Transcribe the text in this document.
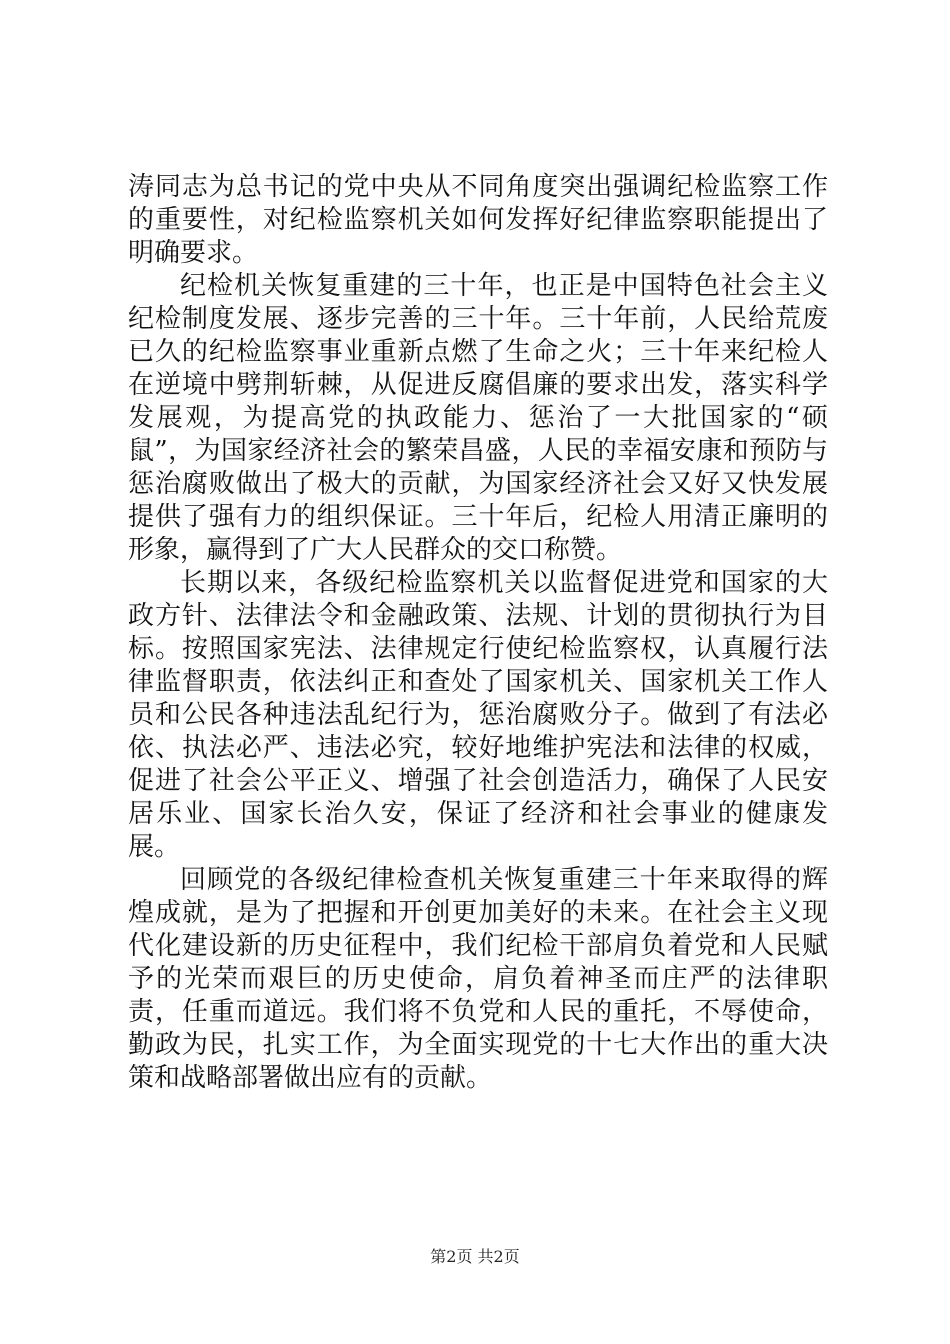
涛同志为总书记的党中央从不同角度突出强调纪检监察工作的重要性，对纪检监察机关如何发挥好纪律监察职能提出了明确要求。

纪检机关恢复重建的三十年，也正是中国特色社会主义纪检制度发展、逐步完善的三十年。三十年前，人民给荒废已久的纪检监察事业重新点燃了生命之火；三十年来纪检人在逆境中劈荆斩棘，从促进反腐倡廉的要求出发，落实科学发展观，为提高党的执政能力、惩治了一大批国家的“硕鼠”，为国家经济社会的繁荣昌盛，人民的幸福安康和预防与惩治腐败做出了极大的贡献，为国家经济社会又好又快发展提供了强有力的组织保证。三十年后，纪检人用清正廉明的形象，赢得到了广大人民群众的交口称赞。

长期以来，各级纪检监察机关以监督促进党和国家的大政方针、法律法令和金融政策、法规、计划的贯彻执行为目标。按照国家宪法、法律规定行使纪检监察权，认真履行法律监督职责，依法纠正和查处了国家机关、国家机关工作人员和公民各种违法乱纪行为，惩治腐败分子。做到了有法必依、执法必严、违法必究，较好地维护宪法和法律的权威，促进了社会公平正义、增强了社会创造活力，确保了人民安居乐业、国家长治久安，保证了经济和社会事业的健康发展。

回顾党的各级纪律检查机关恢复重建三十年来取得的辉煌成就，是为了把握和开创更加美好的未来。在社会主义现代化建设新的历史征程中，我们纪检干部肩负着党和人民赋予的光荣而艰巨的历史使命，肩负着神圣而庄严的法律职责，任重而道远。我们将不负党和人民的重托，不辱使命，勤政为民，扎实工作，为全面实现党的十七大作出的重大决策和战略部署做出应有的贡献。

第2页 共2页
